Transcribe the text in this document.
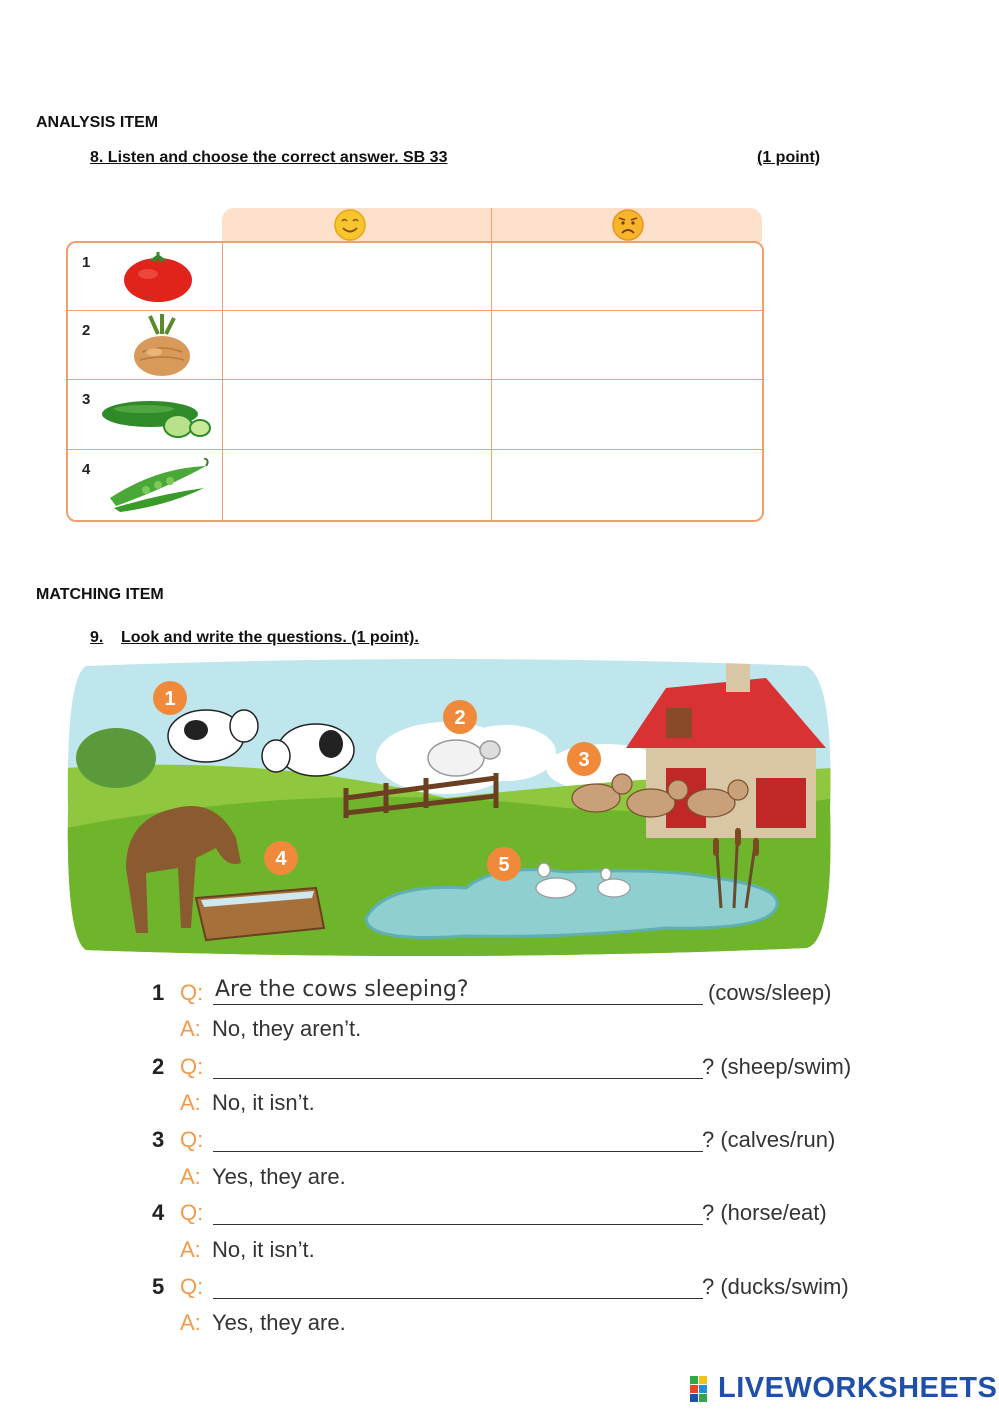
ANALYSIS ITEM
8. Listen and choose the correct answer. SB 33	(1 point)
1
2
3
4
MATCHING ITEM
9. Look and write the questions. (1 point).
1
2
3
4	5
1 Q: Are the cows sleeping?	(cows/sleep)
A: No, they aren’t.
2 Q:	? (sheep/swim)
A: No, it isn’t.
3 Q:	? (calves/run)
A: Yes, they are.
4 Q:	? (horse/eat)
A: No, it isn’t.
5 Q:	? (ducks/swim)
A: Yes, they are.
LIVEWORKSHEETS
